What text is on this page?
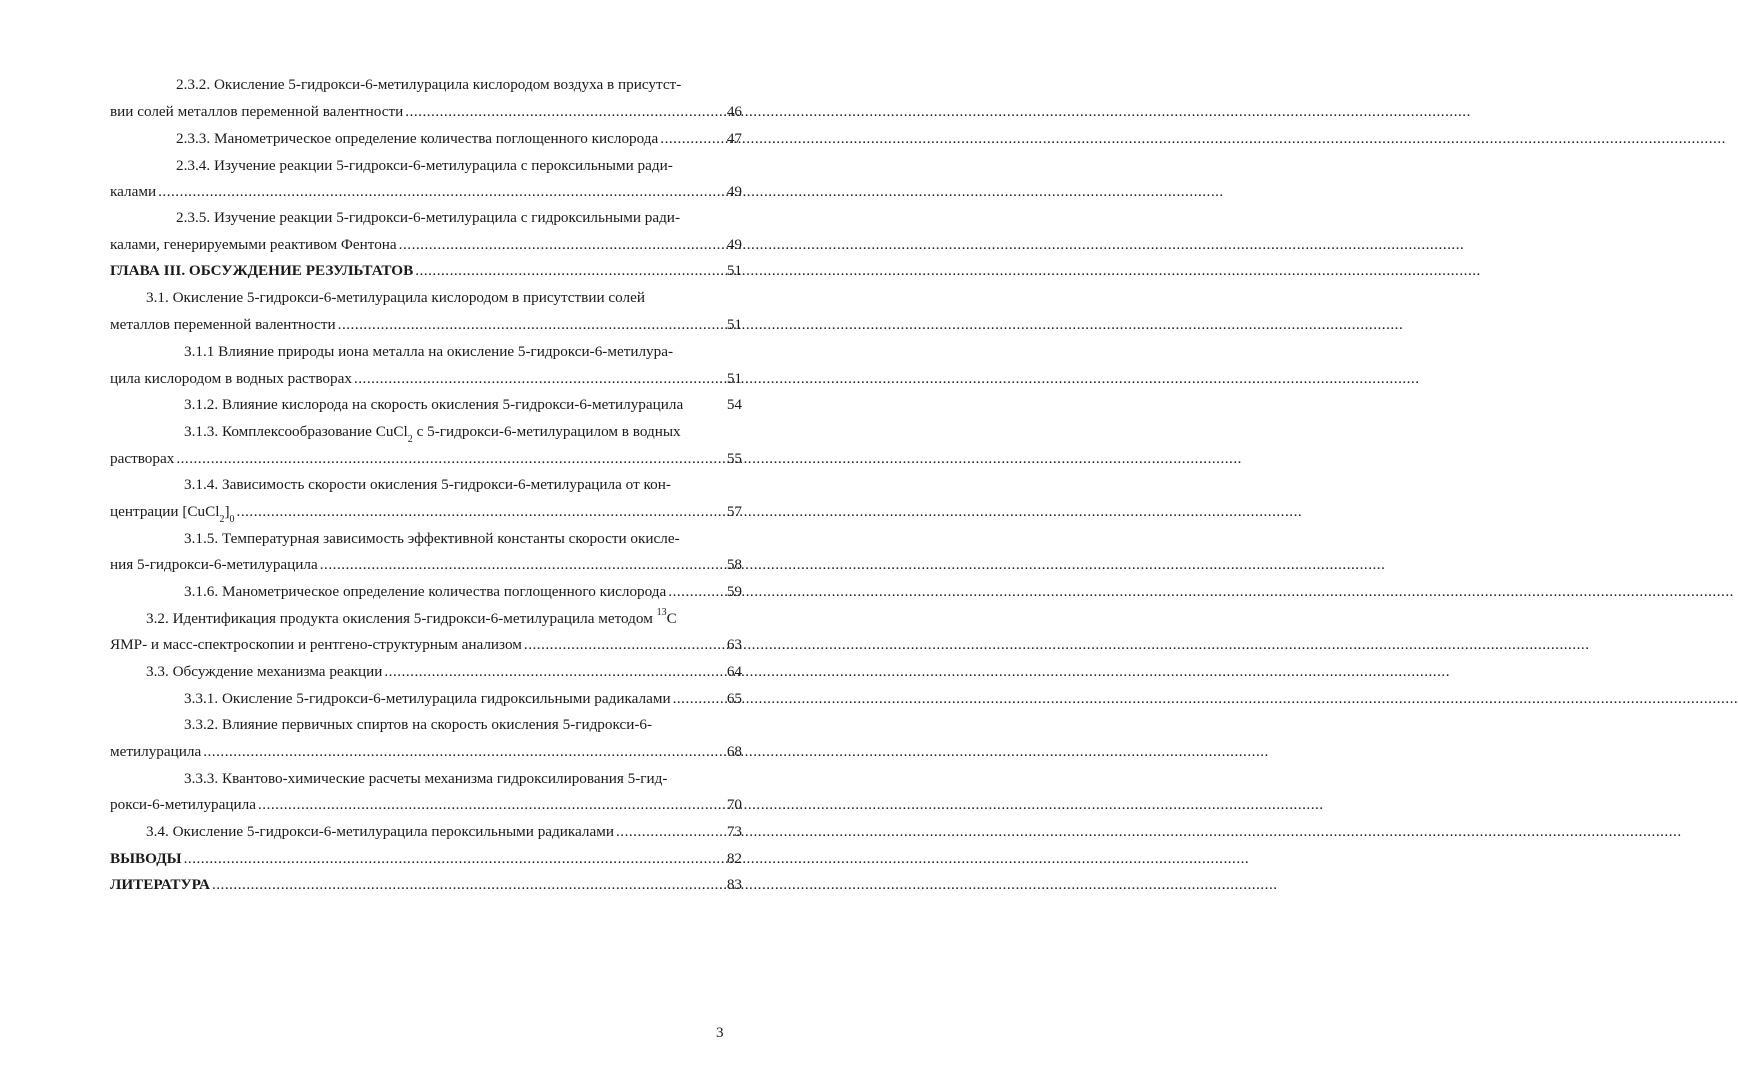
2.3.2. Окисление 5-гидрокси-6-метилурацила кислородом воздуха в присутст-
вии солей металлов переменной валентности .....	46
2.3.3. Манометрическое определение количества поглощенного кислорода .....	47
2.3.4. Изучение реакции 5-гидрокси-6-метилурацила с пероксильными ради-
калами .....	49
2.3.5. Изучение реакции 5-гидрокси-6-метилурацила с гидроксильными ради-
калами, генерируемыми реактивом Фентона .....	49
ГЛАВА III. ОБСУЖДЕНИЕ РЕЗУЛЬТАТОВ .....	51
3.1. Окисление 5-гидрокси-6-метилурацила кислородом в присутствии солей
металлов переменной валентности .....	51
3.1.1 Влияние природы иона металла на окисление 5-гидрокси-6-метилура-
цила кислородом в водных растворах .....	51
3.1.2. Влияние кислорода на скорость окисления 5-гидрокси-6-метилурацила	54
3.1.3. Комплексообразование CuCl$_2$ с 5-гидрокси-6-метилурацилом в водных
растворах .....	55
3.1.4. Зависимость скорости окисления 5-гидрокси-6-метилурацила от кон-
центрации $[CuCl_2]_0$ .....	57
3.1.5. Температурная зависимость эффективной константы скорости окисле-
ния 5-гидрокси-6-метилурацила .....	58
3.1.6. Манометрическое определение количества поглощенного кислорода .....	59
3.2. Идентификация продукта окисления 5-гидрокси-6-метилурацила методом $^{13}$С
ЯМР- и масс-спектроскопии и рентгено-структурным анализом .....	63
3.3. Обсуждение механизма реакции .....	64
3.3.1. Окисление 5-гидрокси-6-метилурацила гидроксильными радикалами .....	65
3.3.2. Влияние первичных спиртов на скорость окисления 5-гидрокси-6-
метилурацила .....	68
3.3.3. Квантово-химические расчеты механизма гидроксилирования 5-гид-
рокси-6-метилурацила .....	70
3.4. Окисление 5-гидрокси-6-метилурацила пероксильными радикалами .....	73
ВЫВОДЫ .....	82
ЛИТЕРАТУРА .....	83
3
